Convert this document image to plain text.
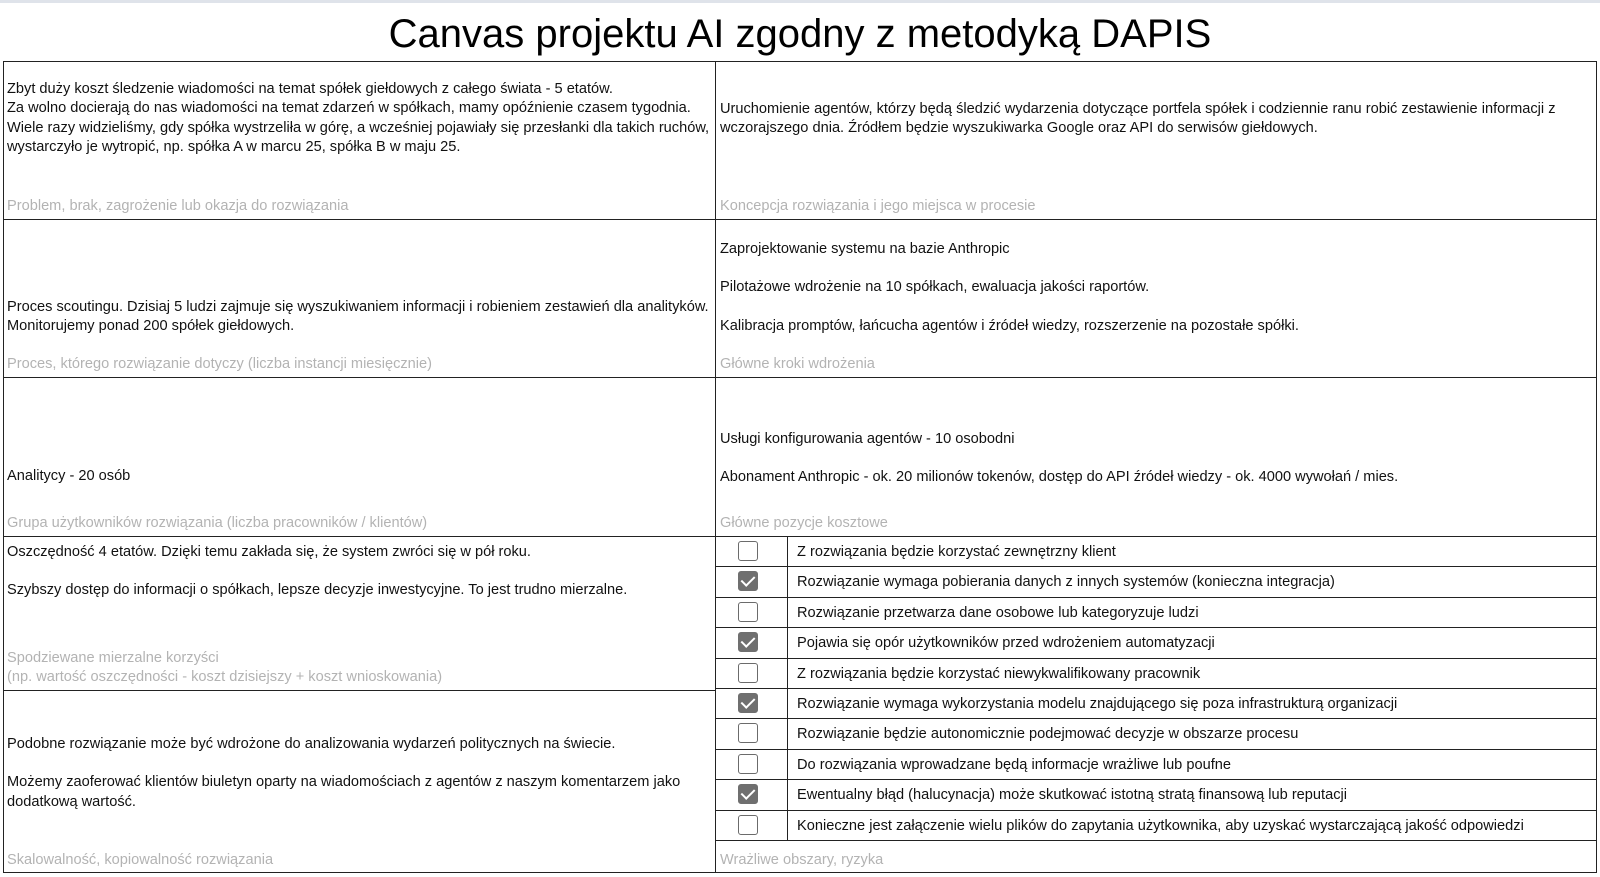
Canvas projektu AI zgodny z metodyką DAPIS
Zbyt duży koszt śledzenie wiadomości na temat spółek giełdowych z całego świata - 5 etatów.
Za wolno docierają do nas wiadomości na temat zdarzeń w spółkach, mamy opóźnienie czasem tygodnia.
Wiele razy widzieliśmy, gdy spółka wystrzeliła w górę, a wcześniej pojawiały się przesłanki dla takich ruchów, wystarczyło je wytropić, np. spółka A w marcu 25, spółka B w maju 25.
Problem, brak, zagrożenie lub okazja do rozwiązania
Uruchomienie agentów, którzy będą śledzić wydarzenia dotyczące portfela spółek i codziennie ranu robić zestawienie informacji z wczorajszego dnia. Źródłem będzie wyszukiwarka Google oraz API do serwisów giełdowych.
Koncepcja rozwiązania i jego miejsca w procesie
Proces scoutingu. Dzisiaj 5 ludzi zajmuje się wyszukiwaniem informacji i robieniem zestawień dla analityków. Monitorujemy ponad 200 spółek giełdowych.
Proces, którego rozwiązanie dotyczy (liczba instancji miesięcznie)

Zaprojektowanie systemu na bazie Anthropic

Pilotażowe wdrożenie na 10 spółkach, ewaluacja jakości raportów.

Kalibracja promptów, łańcucha agentów i źródeł wiedzy, rozszerzenie na pozostałe spółki.

Główne kroki wdrożenia
Analitycy - 20 osób
Grupa użytkowników rozwiązania (liczba pracowników / klientów)

Usługi konfigurowania agentów - 10 osobodni

Abonament Anthropic - ok. 20 milionów tokenów, dostęp do API źródeł wiedzy - ok. 4000 wywołań / mies.

Główne pozycje kosztowe

Oszczędność 4 etatów. Dzięki temu zakłada się, że system zwróci się w pół roku.

Szybszy dostęp do informacji o spółkach, lepsze decyzje inwestycyjne. To jest trudno mierzalne.

Spodziewane mierzalne korzyści
(np. wartość oszczędności - koszt dzisiejszy + koszt wnioskowania)

Podobne rozwiązanie może być wdrożone do analizowania wydarzeń politycznych na świecie.

Możemy zaoferować klientów biuletyn oparty na wiadomościach z agentów z naszym komentarzem jako dodatkową wartość.

Skalowalność, kopiowalność rozwiązania
Z rozwiązania będzie korzystać zewnętrzny klient
Rozwiązanie wymaga pobierania danych z innych systemów (konieczna integracja)
Rozwiązanie przetwarza dane osobowe lub kategoryzuje ludzi
Pojawia się opór użytkowników przed wdrożeniem automatyzacji
Z rozwiązania będzie korzystać niewykwalifikowany pracownik
Rozwiązanie wymaga wykorzystania modelu znajdującego się poza infrastrukturą organizacji
Rozwiązanie będzie autonomicznie podejmować decyzje w obszarze procesu
Do rozwiązania wprowadzane będą informacje wrażliwe lub poufne
Ewentualny błąd (halucynacja) może skutkować istotną stratą finansową lub reputacji
Konieczne jest załączenie wielu plików do zapytania użytkownika, aby uzyskać wystarczającą jakość odpowiedzi
Wrażliwe obszary, ryzyka
